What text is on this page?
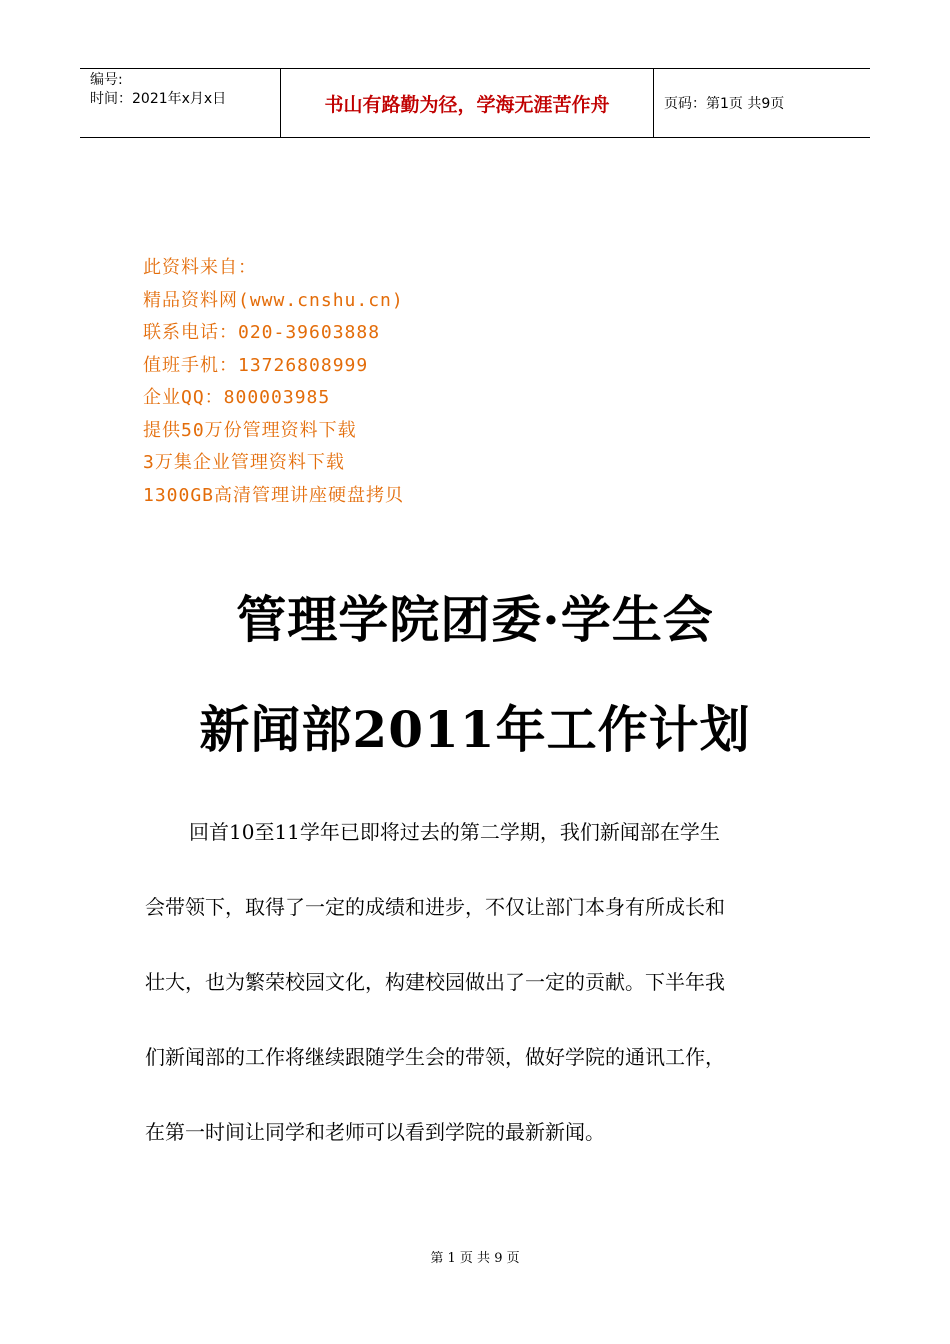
编号:
时间：2021年x月x日	书山有路勤为径，学海无涯苦作舟	页码：第1页 共9页
此资料来自：
精品资料网(www.cnshu.cn)
联系电话：020-39603888
值班手机：13726808999
企业QQ：800003985
提供50万份管理资料下载
3万集企业管理资料下载
1300GB高清管理讲座硬盘拷贝
管理学院团委·学生会
新闻部2011年工作计划
回首10至11学年已即将过去的第二学期，我们新闻部在学生
会带领下，取得了一定的成绩和进步，不仅让部门本身有所成长和
壮大，也为繁荣校园文化，构建校园做出了一定的贡献。下半年我
们新闻部的工作将继续跟随学生会的带领，做好学院的通讯工作，
在第一时间让同学和老师可以看到学院的最新新闻。
第 1 页 共 9 页
